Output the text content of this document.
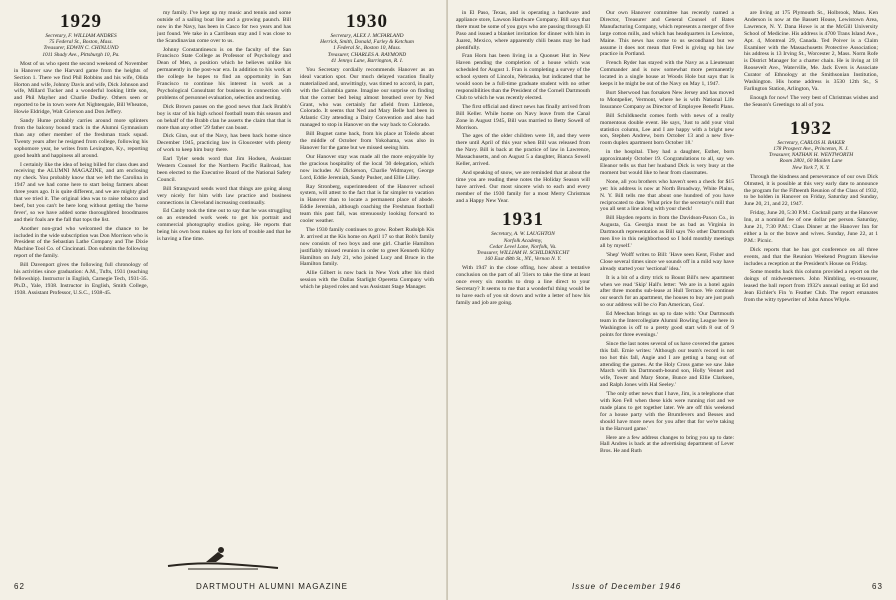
1929
Secretary, F. WILLIAM ANDRES
75 Federal St., Boston, Mass.
Treasurer, EDWIN C. CHINLUND
1011 Shady Ave., Pittsburgh 10, Pa.

Most of us who spent the second weekend of November in Hanover saw the Harvard game from the heights of Section 1. There we find Phil Robbins and his wife, Olida Horton and wife, Johnny Davis and wife, Dick Johnson and wife, Millard Tucker and a wonderful looking little son, and Phil Mayher and Charlie Dudley. Others seen or reported to be in town were Art Nightengale, Bill Wheaton, Howie Eldridge, Walt Grierson and Don Jeffery.

Sandy Hume probably carries around more splinters from the balcony bound track in the Alumni Gymnasium than any other member of the freshman track squad. Twenty years after he resigned from college, following his sophomore year, he writes from Lexington, Ky., reporting good health and happiness all around.

I certainly like the idea of being billed for class dues and receiving the ALUMNI MAGAZINE, and am enclosing my check. You probably know that we left the Carolina in 1947 and we had come here to start being farmers about three years ago. It is quite different, and we are mighty glad that we tried it. The original idea was to raise tobacco and beef, but you can't be here long without getting the 'horse fever', so we have added some thoroughbred broodmares and their foals are the fall that tops the list.

Another non-grad who welcomed the chance to be included in the wide subscription was Don Morrison who is President of the Sebastian Lathe Company and The Dixie Machine Tool Co. of Cincinnati. Don submits the following report of the family.

Bill Davenport gives the following full chronology of his activities since graduation: A.M., Tufts, 1931 (teaching fellowship). Instructor in English, Carnegie Tech, 1931-35. Ph.D., Yale, 1938. Instructor in English, Smith College, 1938. Assistant Professor, U.S.C., 1938-45.

my family. I've kept up my music and tennis and some outside of a sailing boat line and a growing paunch. Bill now in the Navy, has been in Casco for two years and has just found. We take in a Carribean stay and I was close to the Scandinavian come over to us.

Johnny Constantinescu is on the faculty of the San Francisco State College as Professor of Psychology and Dean of Men, a position which he believes unlike his permanently in the post-war era. In addition to his work at the college he hopes to find an opportunity in San Francisco to continue his interest in work as a Psychological Consultant for business in connection with problems of personnel evaluation, selection and testing.

Dick Brown passes on the good news that Jack Brabb's boy is star of his high school football team this season and on behalf of the Brabb clan he asserts the claim that that is more than any other '29 father can boast.

Dick Ginn, out of the Navy, has been back home since December 1945, practicing law in Gloucester with plenty of work to keep him busy there.

Earl Tyler sends word that Jim Hodsen, Assistant Western Counsel for the Northern Pacific Railroad, has been elected to the Executive Board of the National Safety Council.

Bill Strangward sends word that things are going along very nicely for him with law practice and business connections in Cleveland increasing continually.

Ed Canby took the time out to say that he was struggling on an extended work week to get his portrait and commercial photography studios going. He reports that being his own boss makes up for lots of trouble and that he is having a fine time.

1930
Secretary, ALEX J. MCFARLAND
Herrick, Smith, Donald, Farley & Ketchum
1 Federal St., Boston 10, Mass.
Treasurer, CHARLES A. RAYMOND
41 Jennys Lane, Barrington, R. I.

You Secretary cordially recommends Hanover as an ideal vacation spot. Our much delayed vacation finally materialized and, unwittingly, was timed to accord, in part, with the Columbia game. Imagine our surprise on finding that the corner bed being almost breathed over by Ned Grant, who was certainly far afield from Littleton, Colorado. It seems that Ned and Mary Belle had been in Atlantic City attending a Dairy Convention and also had managed to stop in Hanover on the way back to Colorado.

Bill Bugnet came back, from his place at Toledo about the middle of October from Yokohama, was also in Hanover for the game but we missed seeing him.

Our Hanover stay was made all the more enjoyable by the gracious hospitality of the local '30 delegation, which now includes Al Dickerson, Charlie Widmayer, George Lord, Eddie Jeremiah, Sandy Pusher, and Ellie Lilley.

Ray Stronberg, superintendent of the Hanover school system, will attest to the fact that is far simpler to vacation in Hanover than to locate a permanent place of abode. Eddie Jeremiah, although coaching the Freshman football team this past fall, was strenuously looking forward to cooler weather.

The 1930 family continues to grow. Robert Rudolph Kis Jr. arrived at the Kis home on April 17 so that Bob's family now consists of two boys and one girl. Charlie Hamilton justifiably missed reunion in order to greet Kenneth Kirby Hamilton on July 21, who joined Lucy and Bruce in the Hamilton family.

Allie Gilbert is now back in New York after his third session with the Dallas Starlight Operetta Company with which he played roles and was Assistant Stage Manager.

62	DARTMOUTH ALUMNI MAGAZINE

in El Paso, Texas, and is operating a hardware and appliance store, Lawson Hardware Company. Bill says that there must be some of you guys who are passing through El Paso and issued a blanket invitation for dinner with him in Juarez, Mexico, where apparently chili beans may be had plentifully.

Fran Horn has been living in a Quonset Hut in New Haven pending the completion of a house which was scheduled for August 1. Fran is completing a survey of the school system of Lincoln, Nebraska, but indicated that he would soon be a full-time graduate student with no other responsibilities than the President of the Cornell Dartmouth Club to which he was recently elected.

The first official and direct news has finally arrived from Bill Keller. While home on Navy leave from the Canal Zone in August 1945, Bill was married to Betty Sowell of Morrison.

The ages of the older children were 18, and they were there until April of this year when Bill was released from the Navy. Bill is back at the practice of law in Lawrence, Massachusetts, and on August 5 a daughter, Bianca Sowell Keller, arrived.

And speaking of snow, we are reminded that at about the time you are reading these notes the Holiday Season will have arrived. Our most sincere wish to each and every member of the 1930 family for a most Merry Christmas and a Happy New Year.

1931
Secretary, A. W. LAUGHTON
Norfolk Academy,
Cedar Level Lane, Norfolk, Va.
Treasurer, WILLIAM H. SCHILDKNECHT
160 East 48th St., NY., Vernon N. Y.

With 1947 in the close offing, how about a tentative conclusion on the part of all '31ers to take the time at least once every six months to drop a line direct to your Secretary? It seems to me that a wonderful thing would be to have each of you sit down and write a letter of how his family and job are going.

Our own Hanover committee has recently named a Director, Treasurer and General Counsel of Bates Manufacturing Company, which represents a merger of five large cotton mills, and which has headquarters in Lewiston, Maine. This news has come to us secondhand but we assume it does not mean that Fred is giving up his law practice in Portland.

French Ryder has stayed with the Navy as a Lieutenant Commander and is now somewhat more permanently located in a single house at Woods Hole but says that is keeps it he might be out of the Navy on May 1, 1947.

Burt Sherwood has forsaken New Jersey and has moved to Montpelier, Vermont, where he is with National Life Insurance Company as Director of Employee Benefit Plans.

Bill Schildknecht comes forth with news of a really momentous double event. He says, 'Just to add your vital statistics column, Lee and I are happy with a bright new son, Stephen Andrew, born October 13 and a new five-room duplex apartment born October 18.'

in the hospital. They had a daughter, Esther, born approximately October 19. Congratulations to all, say we. Eleanor tells us that her husband Dick is very busy at the moment but would like to hear from classmates.

None, all you brothers who haven't seen a check for $15 yet: his address is now at North Broadway, White Plains, N. Y. Bill tells me that about one hundred of you have reciprocated to date. What price for the secretary's mill that you all sent a line along with your check!

Bill Hayden reports in from the Davidson-Paxon Co., in Augusta, Ga. Georgia must be as bad as Virginia in Dartmouth representation as Bill says 'No other Dartmouth men live in this neighborhood so I hold monthly meetings all by myself.'

'Shep' Wolff writes to Bill: 'Have seen Kent, Fisher and Close several times since we sounds off in a mild way have already started your 'sectional' idea.'

It is a bit of a dirty trick to Bount Bill's new apartment when we read 'Skip' Hall's letter: 'We are in a hotel again after three months sub-lease at Hull Terrace. We continue our search for an apartment, the houses to buy are just push so our address will be c/o Pan American, Goa'.

Ed Meechan brings us up to date with: 'Our Dartmouth team in the Intercollegiate Alumni Bowling League here in Washington is off to a pretty good start with 8 out of 9 points for three evenings.'

Since the last notes several of us have covered the games this fall. Ernie writes: 'Although our team's record is not too hot this fall, Angie and I are getting a bang out of attending the games. At the Holy Cross game we saw Jake March with his Dartmouth-bound son, Holly Vennet and wife, Tower and Mary Stone, Bunce and Ellie Clarksen, and Ralph Jones with Hal Seeley.'

'The only other news that I have, Jim, is a telephone chat with Ken Fell when these kids were running riot and we made plans to get together later. We are off this weekend for a house party with the Brumfevers and Besses and should have more news for you after that for we're taking in the Harvard game.'

Here are a few address changes to bring you up to date: Hall Andres is back at the advertising department of Lever Bros. He and Ruth

are living at 175 Plymouth St., Holbrook, Mass. Ken Anderson is now at the Bassett House, Lewistown Area, Lawrence, N. Y. Dana Howe is at the McGill University School of Medicine. His address is 4700 Trans Island Ave., Apt. 4, Montreal 29, Canada. Ted Poiver is a Claim Examiner with the Massachusetts Protective Association; his address is 13 Irving St., Worcester 2, Mass. Norm Rofe is District Manager for a charter chain. He is living at 18 Roosevelt Ave., Waterville, Me. Jack Evers is Associate Curator of Ethnology at the Smithsonian Institution, Washington. His home address is 3530 12th St., S Farlington Station, Arlington, Va.

Enough for now! The very best of Christmas wishes and the Season's Greetings to all of you.

1932
Secretary, CARLOS H. BAKER
178 Prospect Ave., Princeton, N. J.
Treasurer, NATHAN H. WENTWORTH
Room 2801, 60 Maiden Lane
New York 7, N. Y.

Through the kindness and perseverance of our own Dick Olmsted, it is possible at this very early date to announce the program for the Fifteenth Reunion of the Class of 1932, to be holden in Hanover on Friday, Saturday and Sunday, June 20, 21, and 22, 1947.

Friday, June 20, 5:30 P.M.: Cocktail party at the Hanover Inn, at a nominal fee of one dollar per person. Saturday, June 21, 7:30 P.M.: Class Dinner at the Hanover Inn for either a la or the brave and wives. Sunday, June 22, at 1 P.M.: Picnic.

Dick reports that he has got conference on all three events, and that the Reunion Weekend Program likewise includes a reception at the President's House on Friday.

Some months back this column provided a report on the doings of midwesterners. John Nimbling, ex-treasurer, leased the ball report from 1932's annual outing at Ed and Jean Eichler's Fin 'n Feather Club. The report emanates from the witty typewriter of John Amos Whyle.

Issue of December 1946	63
